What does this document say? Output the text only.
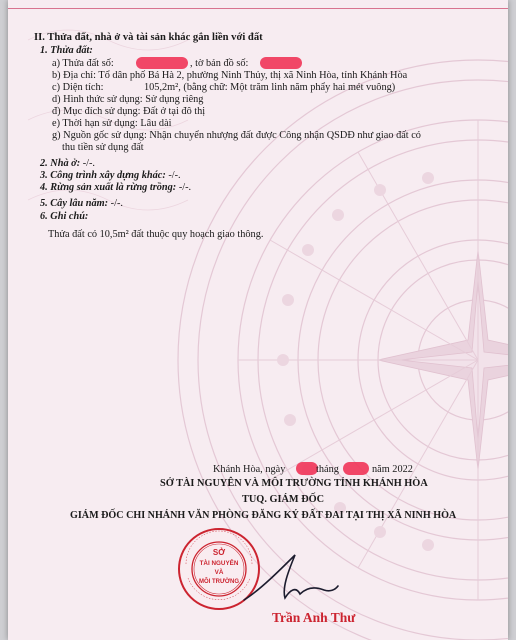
II. Thửa đất, nhà ở và tài sản khác gắn liền với đất
1. Thửa đất:
a) Thửa đất số:	, tờ bản đồ số:
b) Địa chỉ: Tổ dân phố Bá Hà 2, phường Ninh Thủy, thị xã Ninh Hòa, tỉnh Khánh Hòa
c) Diện tích:	105,2m², (bằng chữ: Một trăm linh năm phẩy hai mét vuông)
d) Hình thức sử dụng: Sử dụng riêng
đ) Mục đích sử dụng: Đất ở tại đô thị
e) Thời hạn sử dụng: Lâu dài
g) Nguồn gốc sử dụng: Nhận chuyển nhượng đất được Công nhận QSDĐ như giao đất có
thu tiền sử dụng đất
2. Nhà ở: -/-.
3. Công trình xây dựng khác: -/-.
4. Rừng sản xuất là rừng trồng: -/-.
5. Cây lâu năm: -/-.
6. Ghi chú:
Thửa đất có 10,5m² đất thuộc quy hoạch giao thông.
Khánh Hòa, ngày	tháng	năm 2022
SỞ TÀI NGUYÊN VÀ MÔI TRƯỜNG TỈNH KHÁNH HÒA
TUQ. GIÁM ĐỐC
GIÁM ĐỐC CHI NHÁNH VĂN PHÒNG ĐĂNG KÝ ĐẤT ĐAI TẠI THỊ XÃ NINH HÒA
SỞ
TÀI NGUYÊN
VÀ
MÔI TRƯỜNG
Trần Anh Thư
